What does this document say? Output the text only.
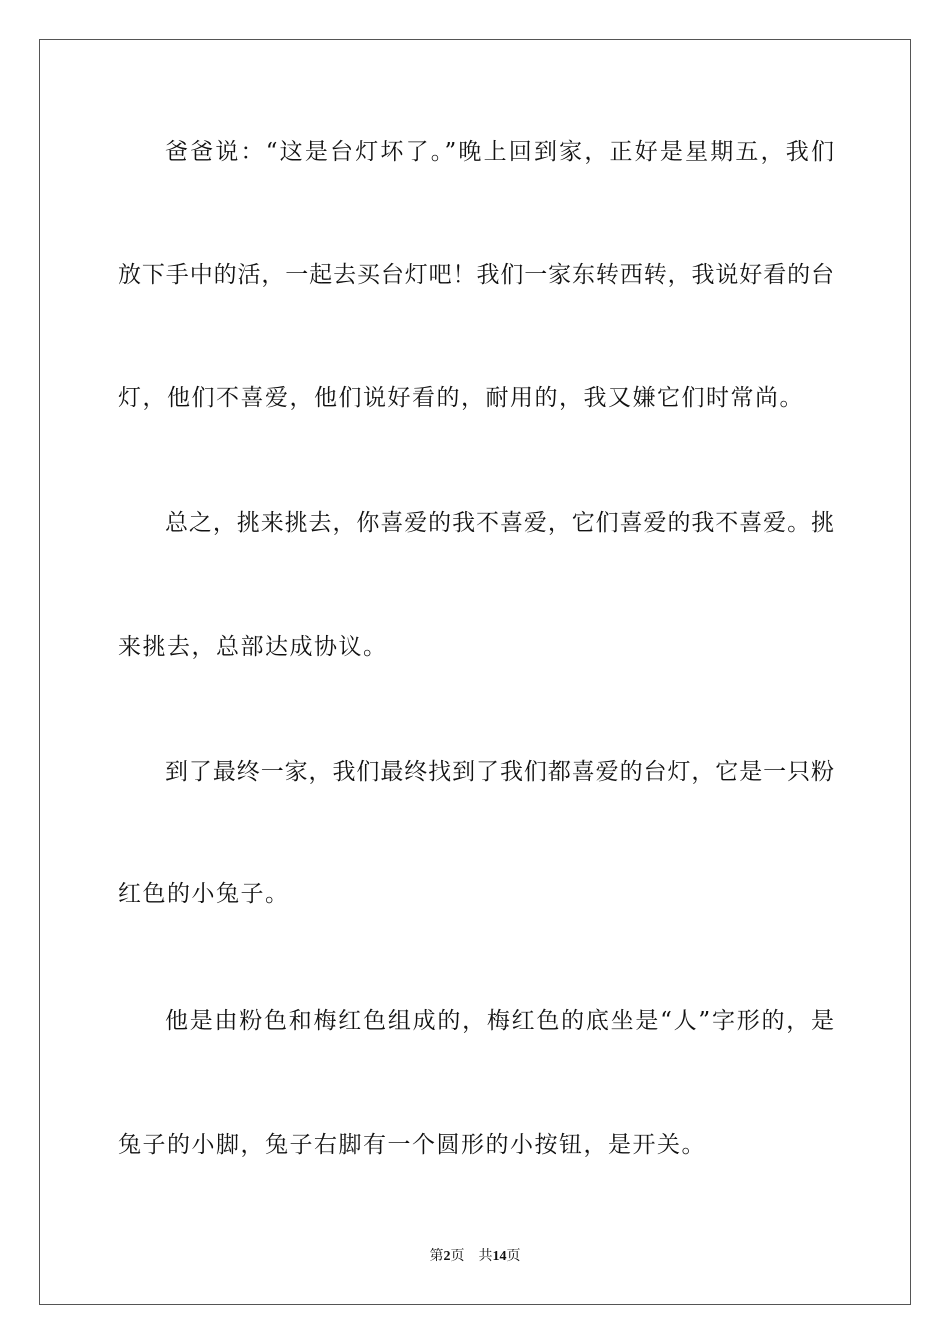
爸爸说：“这是台灯坏了。”晚上回到家，正好是星期五，我们
放下手中的活，一起去买台灯吧！我们一家东转西转，我说好看的台
灯，他们不喜爱，他们说好看的，耐用的，我又嫌它们时常尚。
总之，挑来挑去，你喜爱的我不喜爱，它们喜爱的我不喜爱。挑
来挑去，总部达成协议。
到了最终一家，我们最终找到了我们都喜爱的台灯，它是一只粉
红色的小兔子。
他是由粉色和梅红色组成的，梅红色的底坐是“人”字形的，是
兔子的小脚，兔子右脚有一个圆形的小按钮，是开关。
第2页 共14页
